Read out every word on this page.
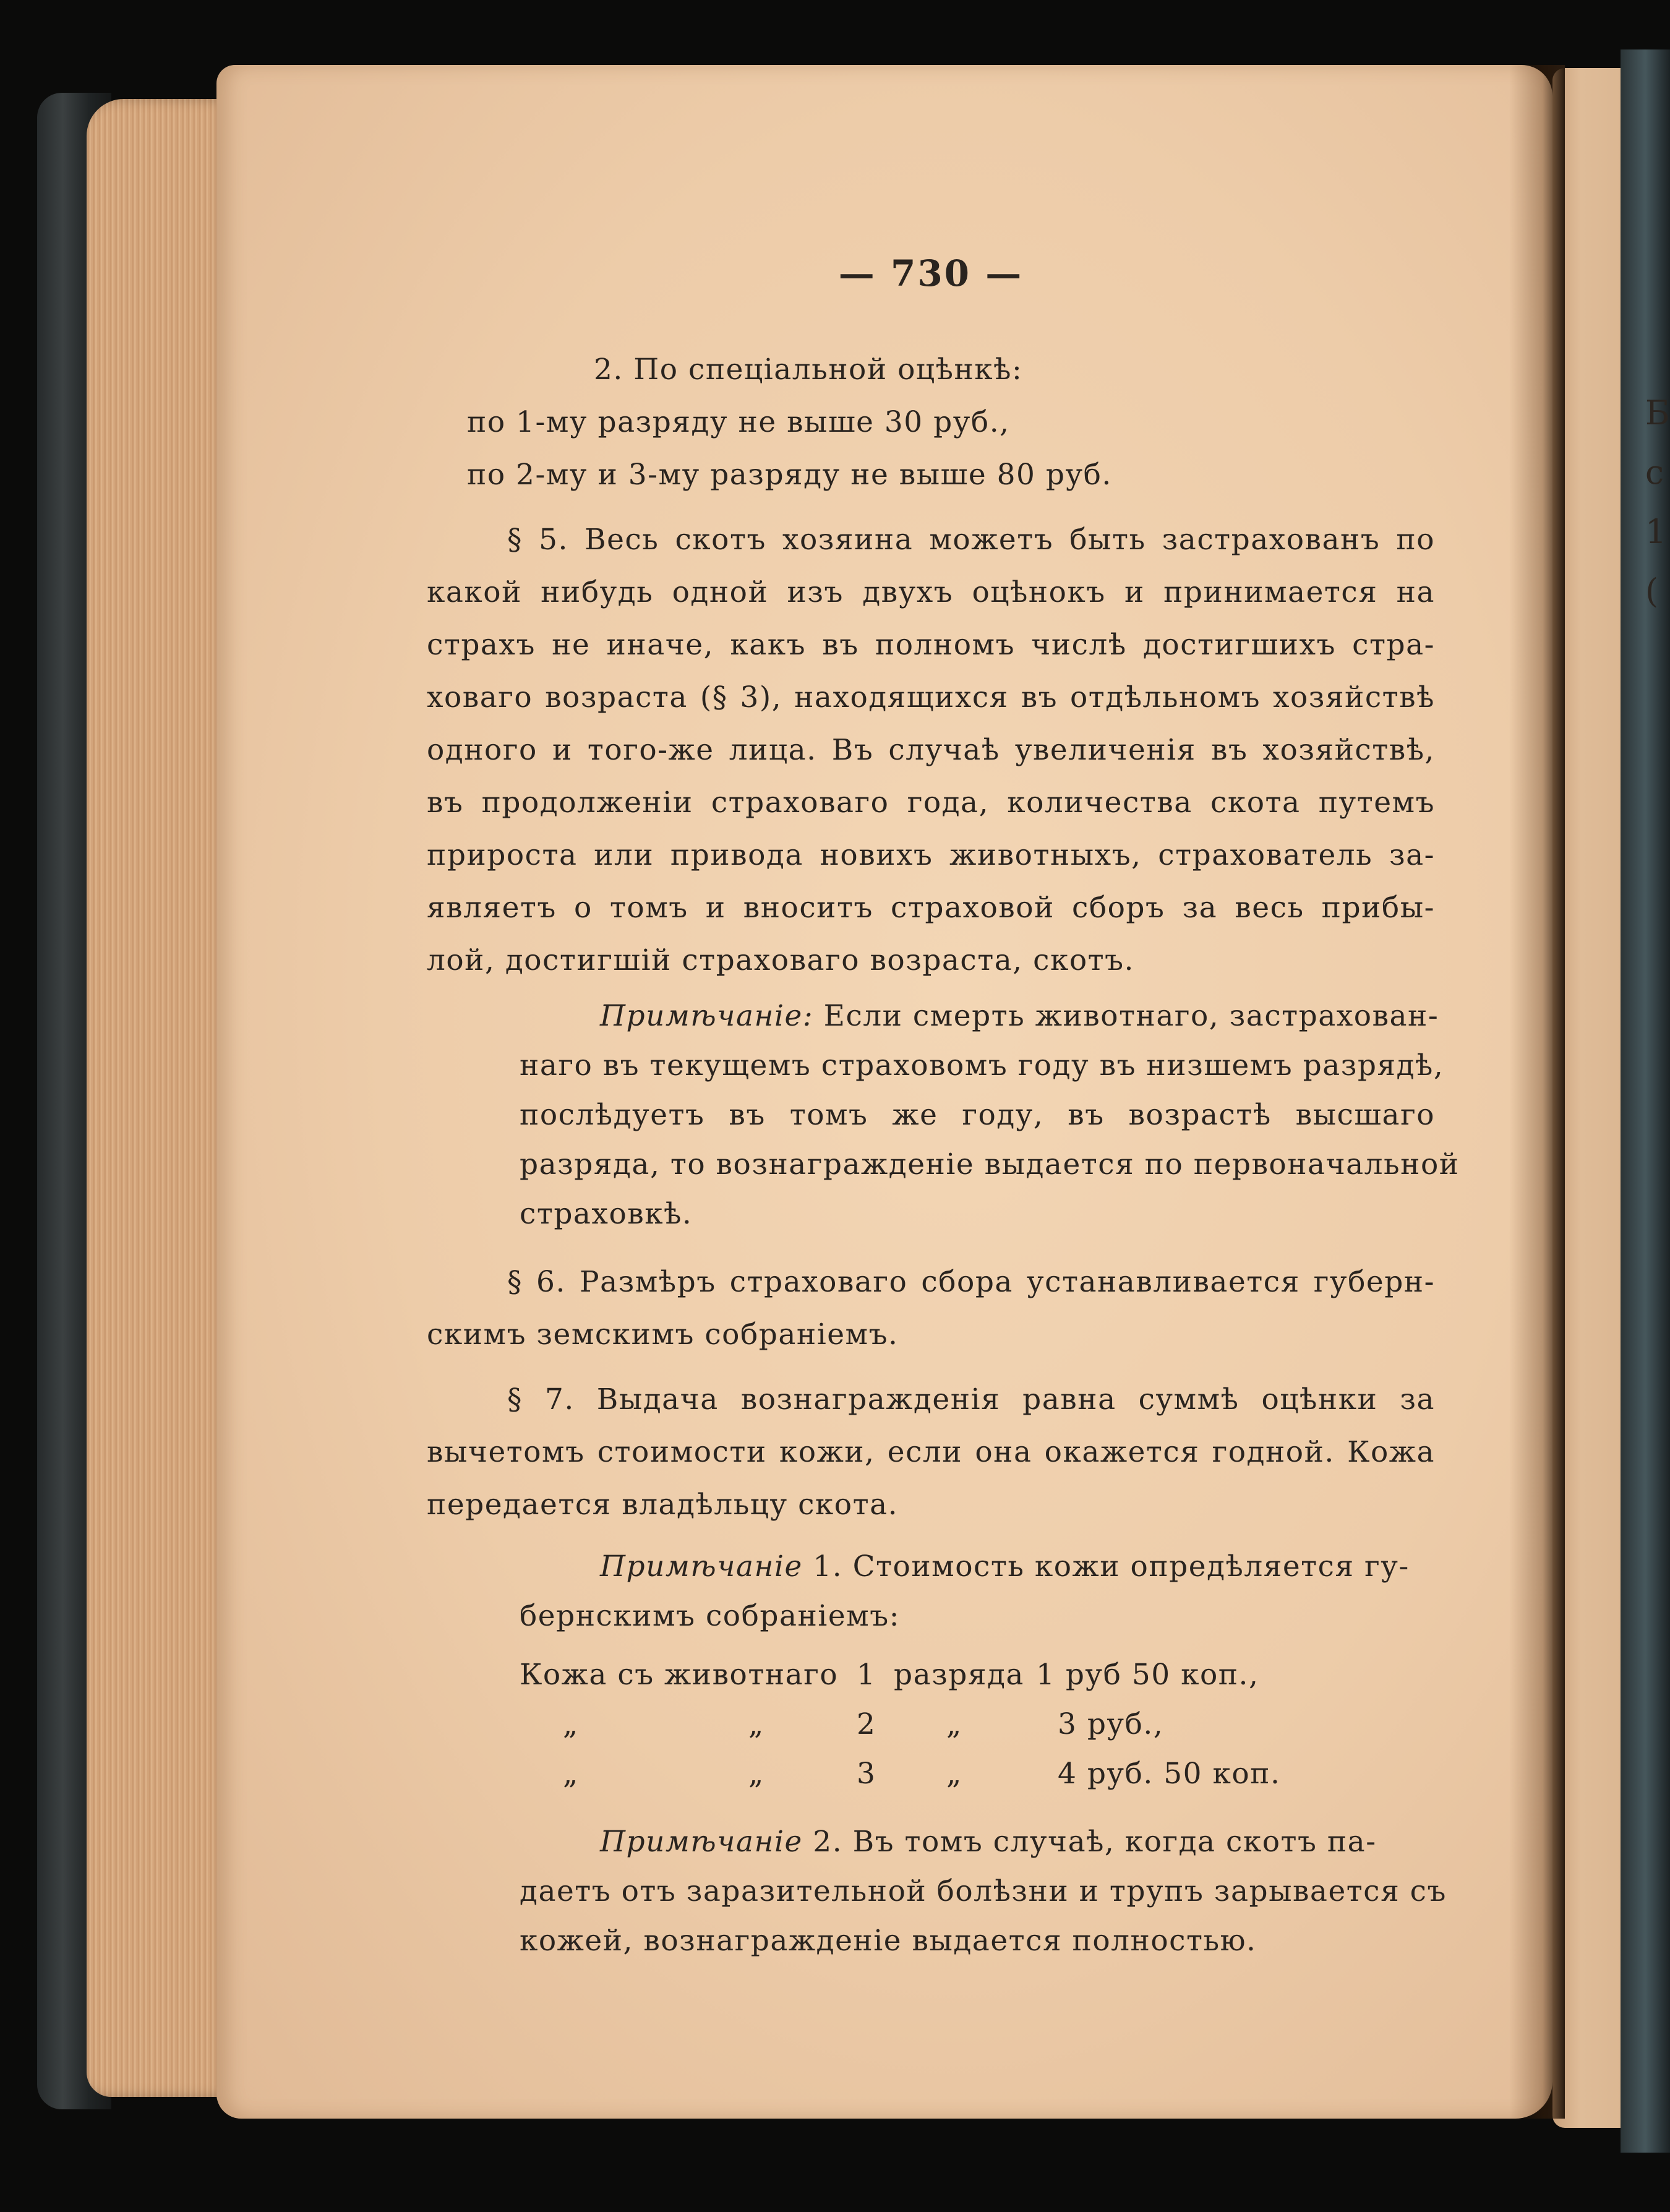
Б
с
1
(
— 730 —
2. По спеціальной оцѣнкѣ:
по 1-му разряду не выше 30 руб.,
по 2-му и 3-му разряду не выше 80 руб.
§ 5. Весь скотъ хозяина можетъ быть застрахованъ по
какой нибудь одной изъ двухъ оцѣнокъ и принимается на
страхъ не иначе, какъ въ полномъ числѣ достигшихъ стра-
ховаго возраста (§ 3), находящихся въ отдѣльномъ хозяйствѣ
одного и того-же лица. Въ случаѣ увеличенія въ хозяйствѣ,
въ продолженіи страховаго года, количества скота путемъ
прироста или привода новихъ животныхъ, страхователь за-
являетъ о томъ и вноситъ страховой сборъ за весь прибы-
лой, достигшій страховаго возраста, скотъ.
Примѣчаніе: Если смерть животнаго, застрахован-
наго въ текущемъ страховомъ году въ низшемъ разрядѣ,
послѣдуетъ въ томъ же году, въ возрастѣ высшаго
разряда, то вознагражденіе выдается по первоначальной
страховкѣ.
§ 6. Размѣръ страховаго сбора устанавливается губерн-
скимъ земскимъ собраніемъ.
§ 7. Выдача вознагражденія равна суммѣ оцѣнки за
вычетомъ стоимости кожи, если она окажется годной. Кожа
передается владѣльцу скота.
Примѣчаніе 1. Стоимость кожи опредѣляется гу-
бернскимъ собраніемъ:
Кожа съ животнаго 1 разряда 1 руб 50 коп.,
„	„	2 „	3 руб.,
„	„	3 „	4 руб. 50 коп.
Примѣчаніе 2. Въ томъ случаѣ, когда скотъ па-
даетъ отъ заразительной болѣзни и трупъ зарывается съ
кожей, вознагражденіе выдается полностью.
